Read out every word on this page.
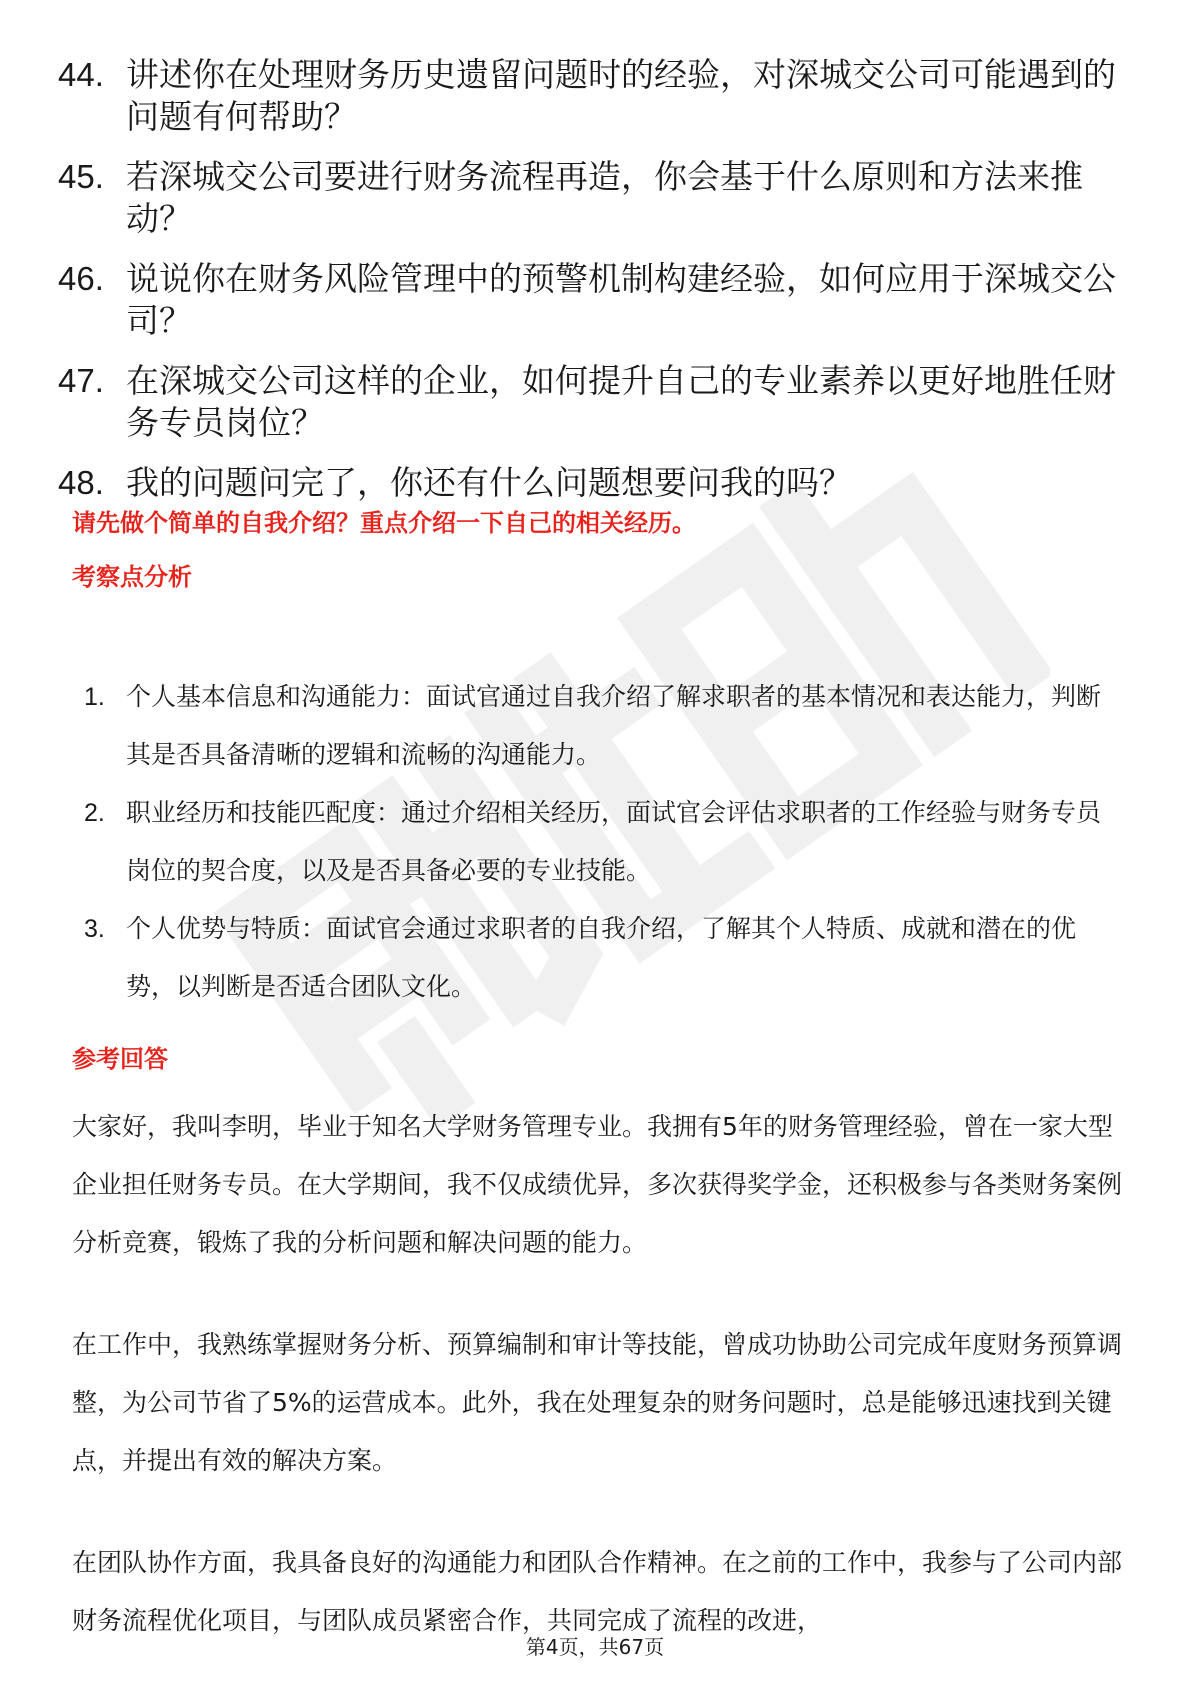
44. 讲述你在处理财务历史遗留问题时的经验，对深城交公司可能遇到的问题有何帮助？
45. 若深城交公司要进行财务流程再造，你会基于什么原则和方法来推动？
46. 说说你在财务风险管理中的预警机制构建经验，如何应用于深城交公司？
47. 在深城交公司这样的企业，如何提升自己的专业素养以更好地胜任财务专员岗位？
48. 我的问题问完了，你还有什么问题想要问我的吗？
请先做个简单的自我介绍？重点介绍一下自己的相关经历。
考察点分析
1. 个人基本信息和沟通能力：面试官通过自我介绍了解求职者的基本情况和表达能力，判断其是否具备清晰的逻辑和流畅的沟通能力。
2. 职业经历和技能匹配度：通过介绍相关经历，面试官会评估求职者的工作经验与财务专员岗位的契合度，以及是否具备必要的专业技能。
3. 个人优势与特质：面试官会通过求职者的自我介绍，了解其个人特质、成就和潜在的优势，以判断是否适合团队文化。
参考回答
大家好，我叫李明，毕业于知名大学财务管理专业。我拥有5年的财务管理经验，曾在一家大型企业担任财务专员。在大学期间，我不仅成绩优异，多次获得奖学金，还积极参与各类财务案例分析竞赛，锻炼了我的分析问题和解决问题的能力。
在工作中，我熟练掌握财务分析、预算编制和审计等技能，曾成功协助公司完成年度财务预算调整，为公司节省了5%的运营成本。此外，我在处理复杂的财务问题时，总是能够迅速找到关键点，并提出有效的解决方案。
在团队协作方面，我具备良好的沟通能力和团队合作精神。在之前的工作中，我参与了公司内部财务流程优化项目，与团队成员紧密合作，共同完成了流程的改进，
第4页，共67页
